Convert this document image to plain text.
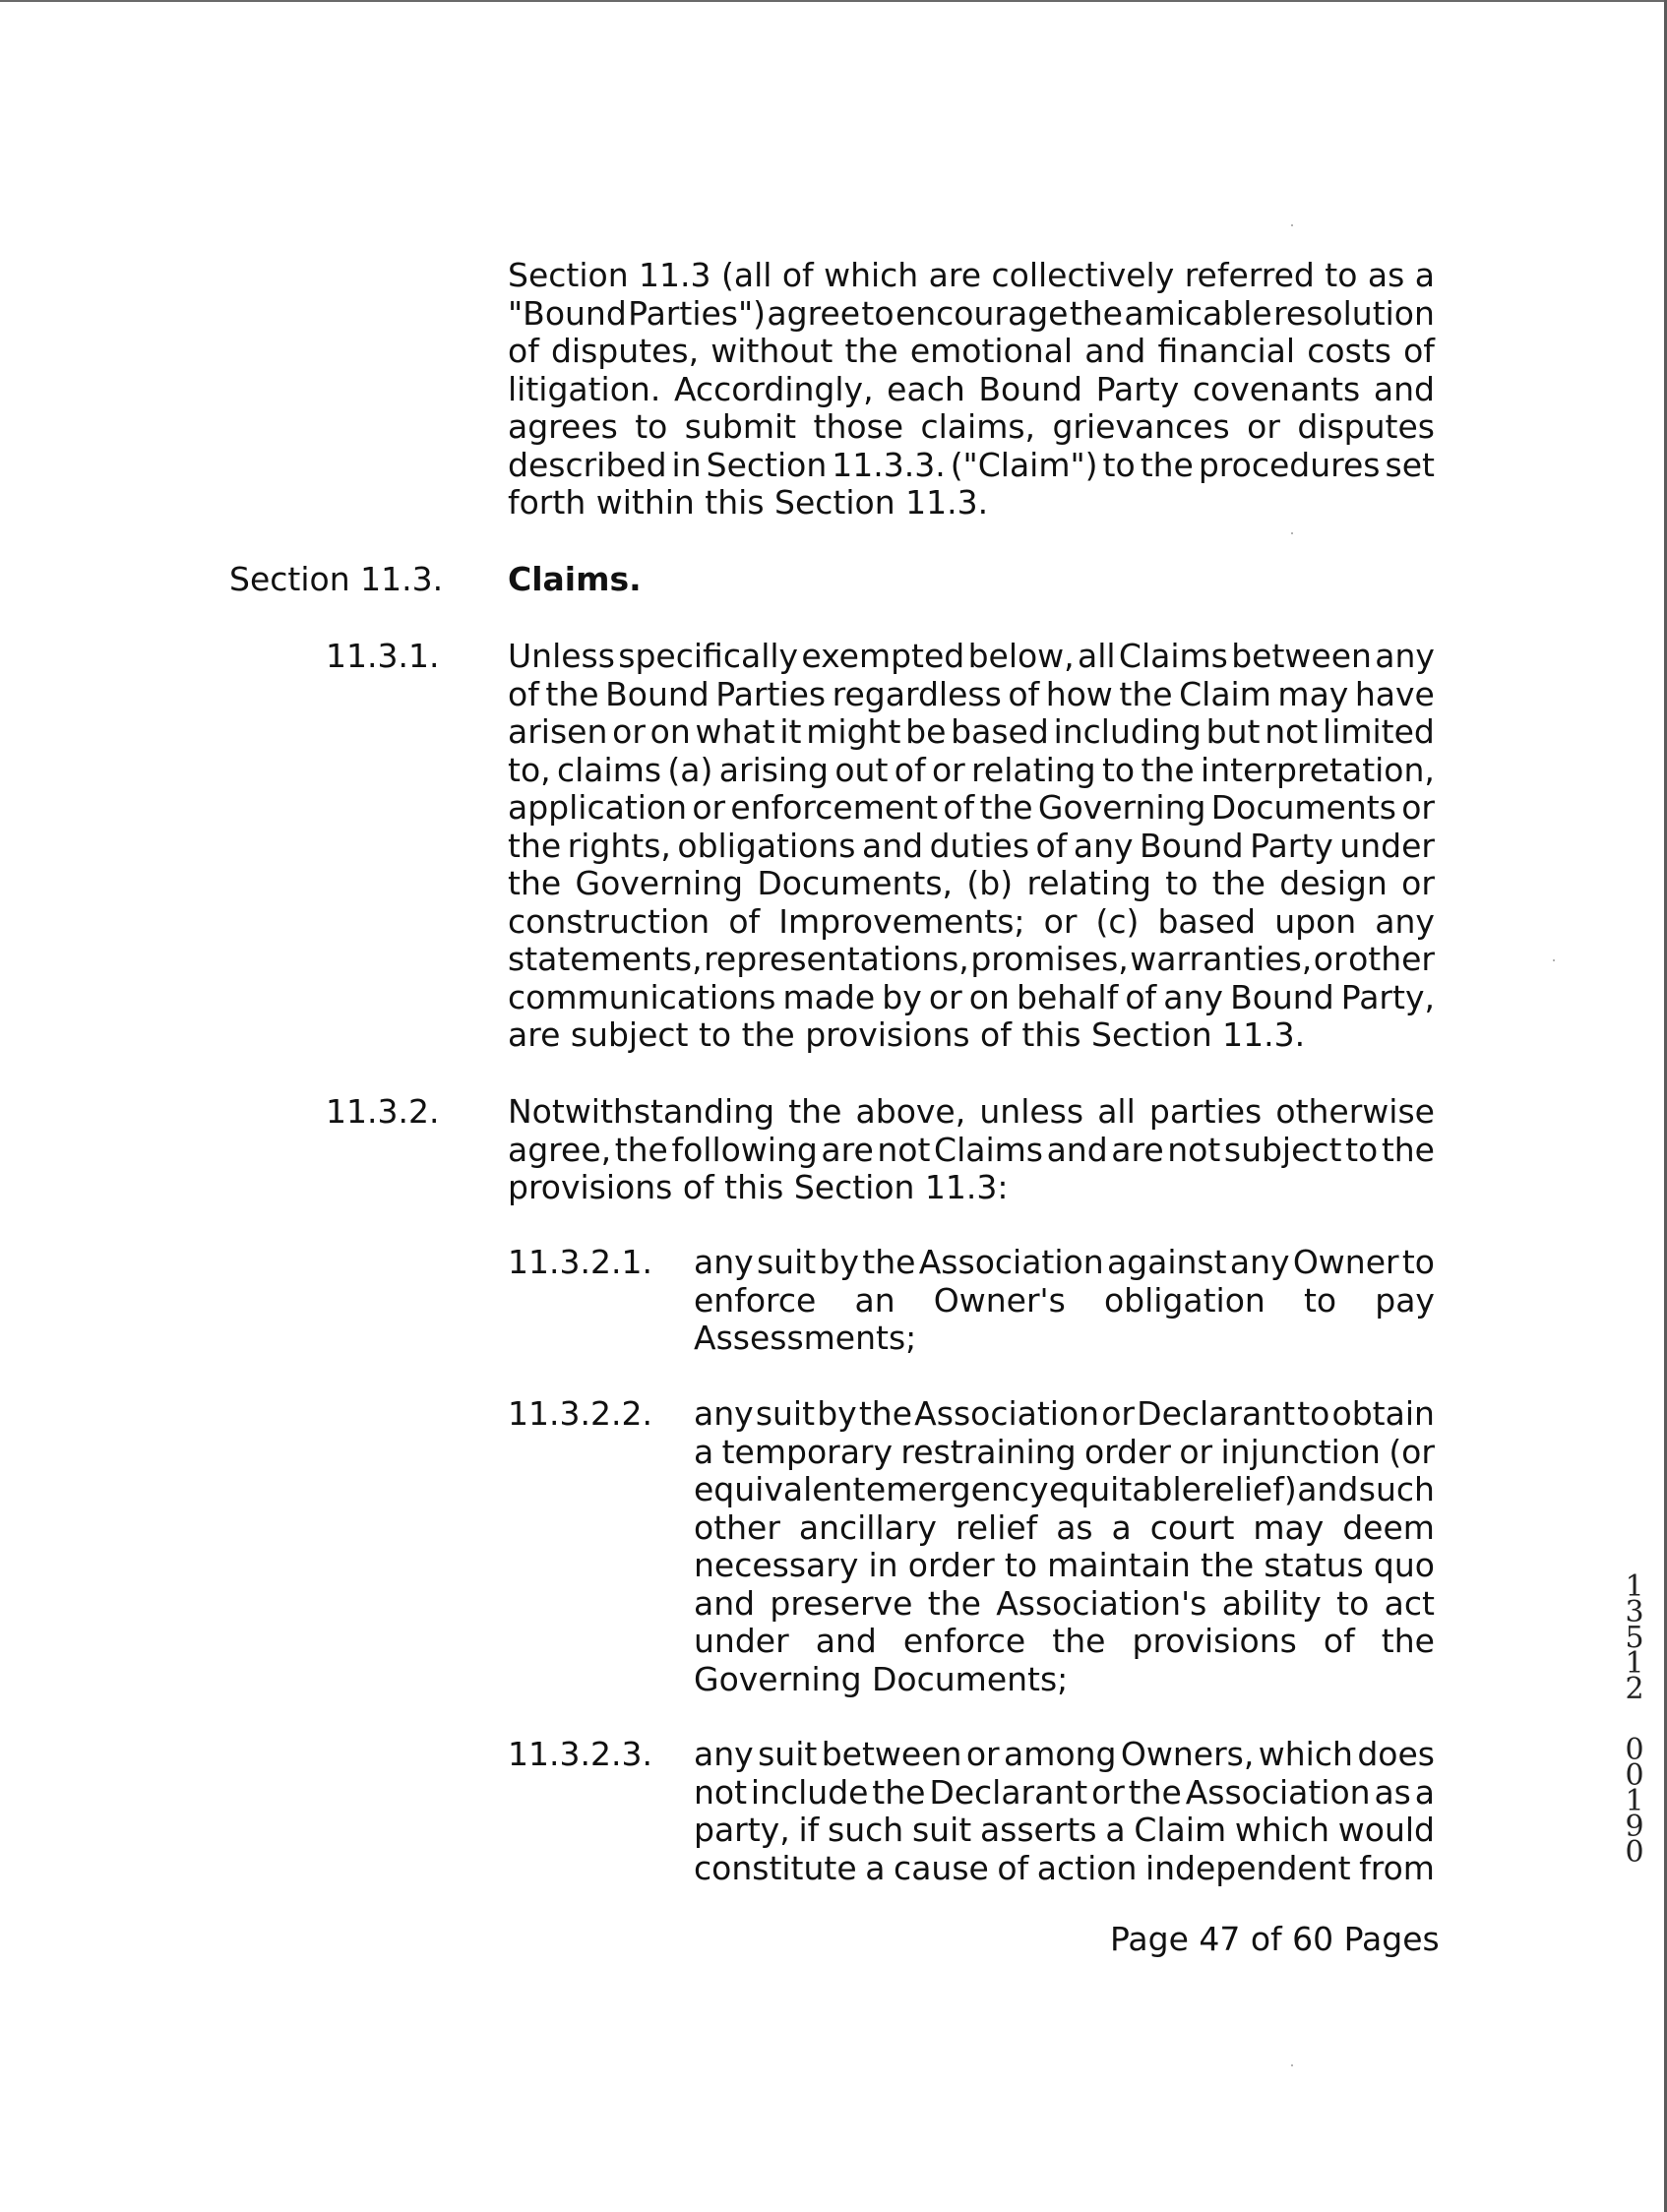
Section 11.3 (all of which are collectively referred to as a
"Bound Parties") agree to encourage the amicable resolution
of disputes, without the emotional and financial costs of
litigation. Accordingly, each Bound Party covenants and
agrees to submit those claims, grievances or disputes
described in Section 11.3.3. ("Claim") to the procedures set
forth within this Section 11.3.
Section 11.3. Claims.
11.3.1. Unless specifically exempted below, all Claims between any
of the Bound Parties regardless of how the Claim may have
arisen or on what it might be based including but not limited
to, claims (a) arising out of or relating to the interpretation,
application or enforcement of the Governing Documents or
the rights, obligations and duties of any Bound Party under
the Governing Documents, (b) relating to the design or
construction of Improvements; or (c) based upon any
statements, representations, promises, warranties, or other
communications made by or on behalf of any Bound Party,
are subject to the provisions of this Section 11.3.
11.3.2. Notwithstanding the above, unless all parties otherwise
agree, the following are not Claims and are not subject to the
provisions of this Section 11.3:
11.3.2.1. any suit by the Association against any Owner to
enforce an Owner's obligation to pay
Assessments;
11.3.2.2. any suit by the Association or Declarant to obtain
a temporary restraining order or injunction (or
equivalent emergency equitable relief) and such
other ancillary relief as a court may deem
necessary in order to maintain the status quo
and preserve the Association's ability to act
under and enforce the provisions of the
Governing Documents;
11.3.2.3. any suit between or among Owners, which does
not include the Declarant or the Association as a
party, if such suit asserts a Claim which would
constitute a cause of action independent from
Page 47 of 60 Pages
1
3
5
1
2
0
0
1
9
0
